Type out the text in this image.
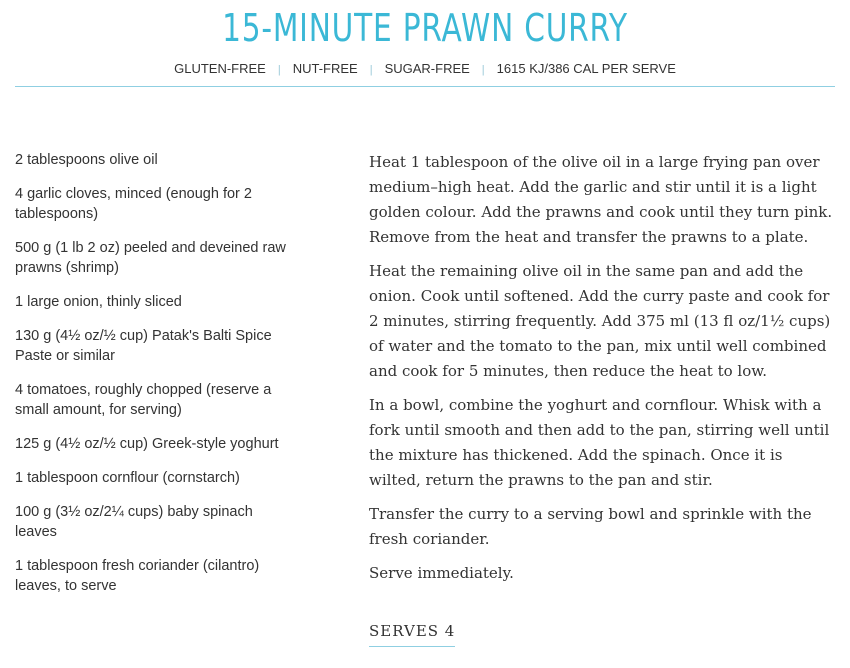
15-MINUTE PRAWN CURRY
GLUTEN-FREE | NUT-FREE | SUGAR-FREE | 1615 KJ/386 CAL PER SERVE
2 tablespoons olive oil
4 garlic cloves, minced (enough for 2 tablespoons)
500 g (1 lb 2 oz) peeled and deveined raw prawns (shrimp)
1 large onion, thinly sliced
130 g (4½ oz/½ cup) Patak's Balti Spice Paste or similar
4 tomatoes, roughly chopped (reserve a small amount, for serving)
125 g (4½ oz/½ cup) Greek-style yoghurt
1 tablespoon cornflour (cornstarch)
100 g (3½ oz/2¼ cups) baby spinach leaves
1 tablespoon fresh coriander (cilantro) leaves, to serve

Heat 1 tablespoon of the olive oil in a large frying pan over medium–high heat. Add the garlic and stir until it is a light golden colour. Add the prawns and cook until they turn pink. Remove from the heat and transfer the prawns to a plate.

Heat the remaining olive oil in the same pan and add the onion. Cook until softened. Add the curry paste and cook for 2 minutes, stirring frequently. Add 375 ml (13 fl oz/1½ cups) of water and the tomato to the pan, mix until well combined and cook for 5 minutes, then reduce the heat to low.

In a bowl, combine the yoghurt and cornflour. Whisk with a fork until smooth and then add to the pan, stirring well until the mixture has thickened. Add the spinach. Once it is wilted, return the prawns to the pan and stir.

Transfer the curry to a serving bowl and sprinkle with the fresh coriander.

Serve immediately.

SERVES 4
